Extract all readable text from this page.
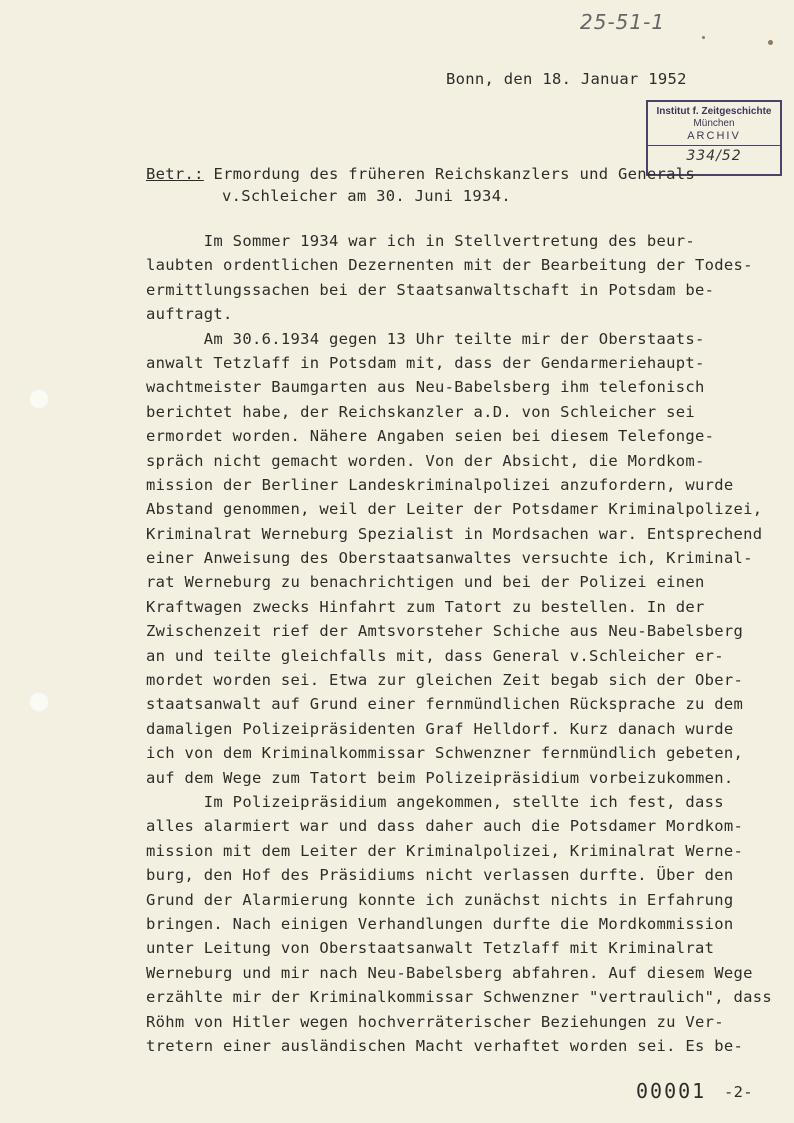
25-51-1
Bonn, den 18. Januar 1952
Institut f. Zeitgeschichte
München
ARCHIV
334/52
Betr.: Ermordung des früheren Reichskanzlers und Generals
v.Schleicher am 30. Juni 1934.
Im Sommer 1934 war ich in Stellvertretung des beur-
laubten ordentlichen Dezernenten mit der Bearbeitung der Todes-
ermittlungssachen bei der Staatsanwaltschaft in Potsdam be-
auftragt.
Am 30.6.1934 gegen 13 Uhr teilte mir der Oberstaats-
anwalt Tetzlaff in Potsdam mit, dass der Gendarmeriehaupt-
wachtmeister Baumgarten aus Neu-Babelsberg ihm telefonisch
berichtet habe, der Reichskanzler a.D. von Schleicher sei
ermordet worden. Nähere Angaben seien bei diesem Telefonge-
spräch nicht gemacht worden. Von der Absicht, die Mordkom-
mission der Berliner Landeskriminalpolizei anzufordern, wurde
Abstand genommen, weil der Leiter der Potsdamer Kriminalpolizei,
Kriminalrat Werneburg Spezialist in Mordsachen war. Entsprechend
einer Anweisung des Oberstaatsanwaltes versuchte ich, Kriminal-
rat Werneburg zu benachrichtigen und bei der Polizei einen
Kraftwagen zwecks Hinfahrt zum Tatort zu bestellen. In der
Zwischenzeit rief der Amtsvorsteher Schiche aus Neu-Babelsberg
an und teilte gleichfalls mit, dass General v.Schleicher er-
mordet worden sei. Etwa zur gleichen Zeit begab sich der Ober-
staatsanwalt auf Grund einer fernmündlichen Rücksprache zu dem
damaligen Polizeipräsidenten Graf Helldorf. Kurz danach wurde
ich von dem Kriminalkommissar Schwenzner fernmündlich gebeten,
auf dem Wege zum Tatort beim Polizeipräsidium vorbeizukommen.
Im Polizeipräsidium angekommen, stellte ich fest, dass
alles alarmiert war und dass daher auch die Potsdamer Mordkom-
mission mit dem Leiter der Kriminalpolizei, Kriminalrat Werne-
burg, den Hof des Präsidiums nicht verlassen durfte. Über den
Grund der Alarmierung konnte ich zunächst nichts in Erfahrung
bringen. Nach einigen Verhandlungen durfte die Mordkommission
unter Leitung von Oberstaatsanwalt Tetzlaff mit Kriminalrat
Werneburg und mir nach Neu-Babelsberg abfahren. Auf diesem Wege
erzählte mir der Kriminalkommissar Schwenzner "vertraulich", dass
Röhm von Hitler wegen hochverräterischer Beziehungen zu Ver-
tretern einer ausländischen Macht verhaftet worden sei. Es be-
00001 -2-
